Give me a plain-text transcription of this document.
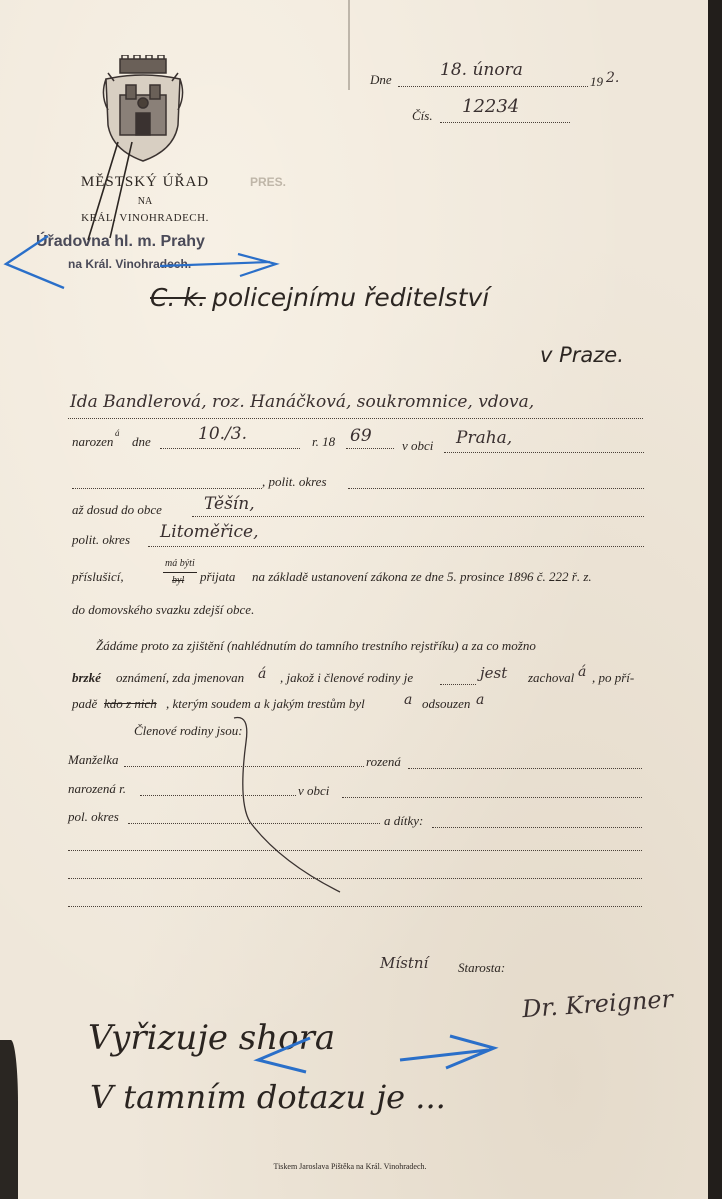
MĚSTSKÝ ÚŘAD
NA
KRÁL. VINOHRADECH.
Úřadovna hl. m. Prahy
na Král. Vinohradech.
PRES.
Dne	18. února
19 2.
Čís. 12234
C. k. policejnímu ředitelství
v Praze.
Ida Bandlerová, roz. Hanáčková, soukromnice, vdova,
narozen
á
dne	10./3.	r. 18 69 v obci Praha,
, polit. okres
až dosud do obce Těšín,
polit. okres Litoměřice,
příslušicí,
má býti
byl přijata na základě ustanovení zákona ze dne 5. prosince 1896 č. 222 ř. z.
do domovského svazku zdejší obce.
Žádáme proto za zjištění (nahlédnutím do tamního trestního rejstříku) a za co možno
brzké oznámení, zda jmenovan á , jakož i členové rodiny je	jest zachoval á , po pří-
padě kdo z nich , kterým soudem a k jakým trestům byl	a odsouzen a
Členové rodiny jsou:
Manželka	rozená
narozená r.	v obci
pol. okres	a dítky:
Místní Starosta:
Dr. Kreigner
Vyřizuje shora
V tamním dotazu je ...
Tiskem Jaroslava Pištěka na Král. Vinohradech.
